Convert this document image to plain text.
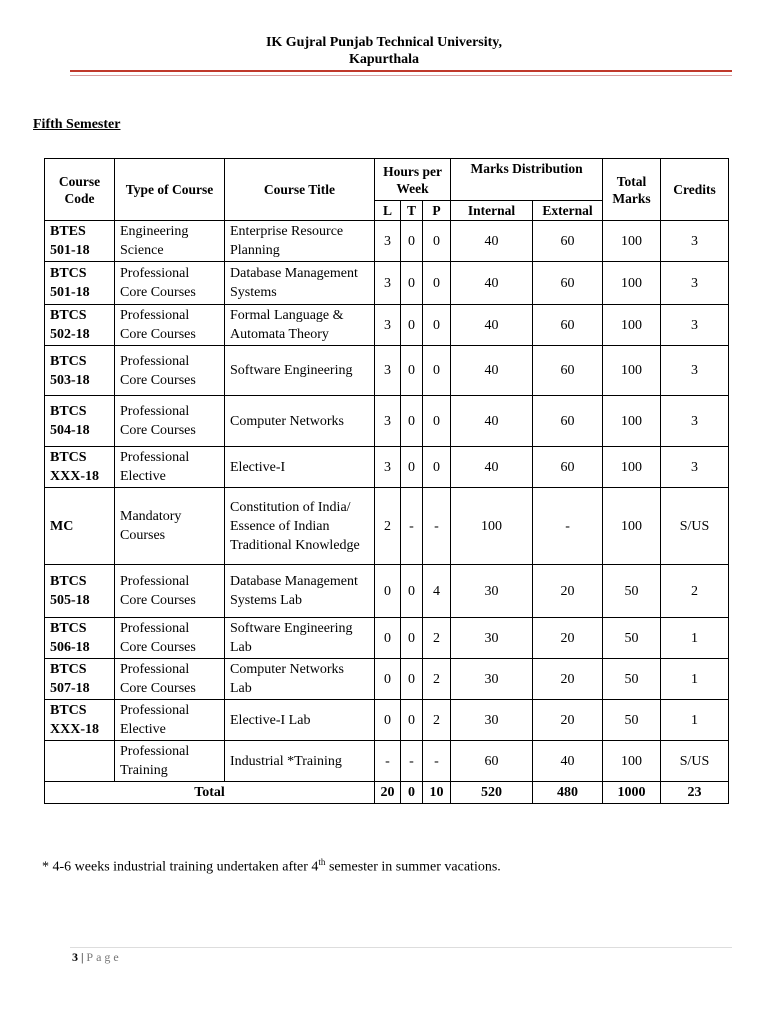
IK Gujral Punjab Technical University,
Kapurthala
Fifth Semester
Course Code	Type of Course	Course Title	Hours per Week			Marks Distribution		Total Marks	Credits
			L	T	P	Internal	External		

BTES
501-18	Engineering Science	Enterprise Resource Planning	3	0	0	40	60	100	3

BTCS
501-18	Professional Core Courses	Database Management Systems	3	0	0	40	60	100	3

BTCS
502-18	Professional Core Courses	Formal Language & Automata Theory	3	0	0	40	60	100	3

BTCS
503-18	Professional Core Courses	Software Engineering	3	0	0	40	60	100	3

BTCS
504-18	Professional Core Courses	Computer Networks	3	0	0	40	60	100	3

BTCS
XXX-18	Professional Elective	Elective-I	3	0	0	40	60	100	3

MC	Mandatory Courses	Constitution of India/ Essence of Indian Traditional Knowledge	2	-	-	100	-	100	S/US

BTCS
505-18	Professional Core Courses	Database Management Systems Lab	0	0	4	30	20	50	2

BTCS
506-18	Professional Core Courses	Software Engineering Lab	0	0	2	30	20	50	1

BTCS
507-18	Professional Core Courses	Computer Networks Lab	0	0	2	30	20	50	1

BTCS
XXX-18	Professional Elective	Elective-I Lab	0	0	2	30	20	50	1

	Professional Training	Industrial *Training	-	-	-	60	40	100	S/US
Total			20	0	10	520	480	1000	23
* 4-6 weeks industrial training undertaken after 4th semester in summer vacations.
3 | Page
